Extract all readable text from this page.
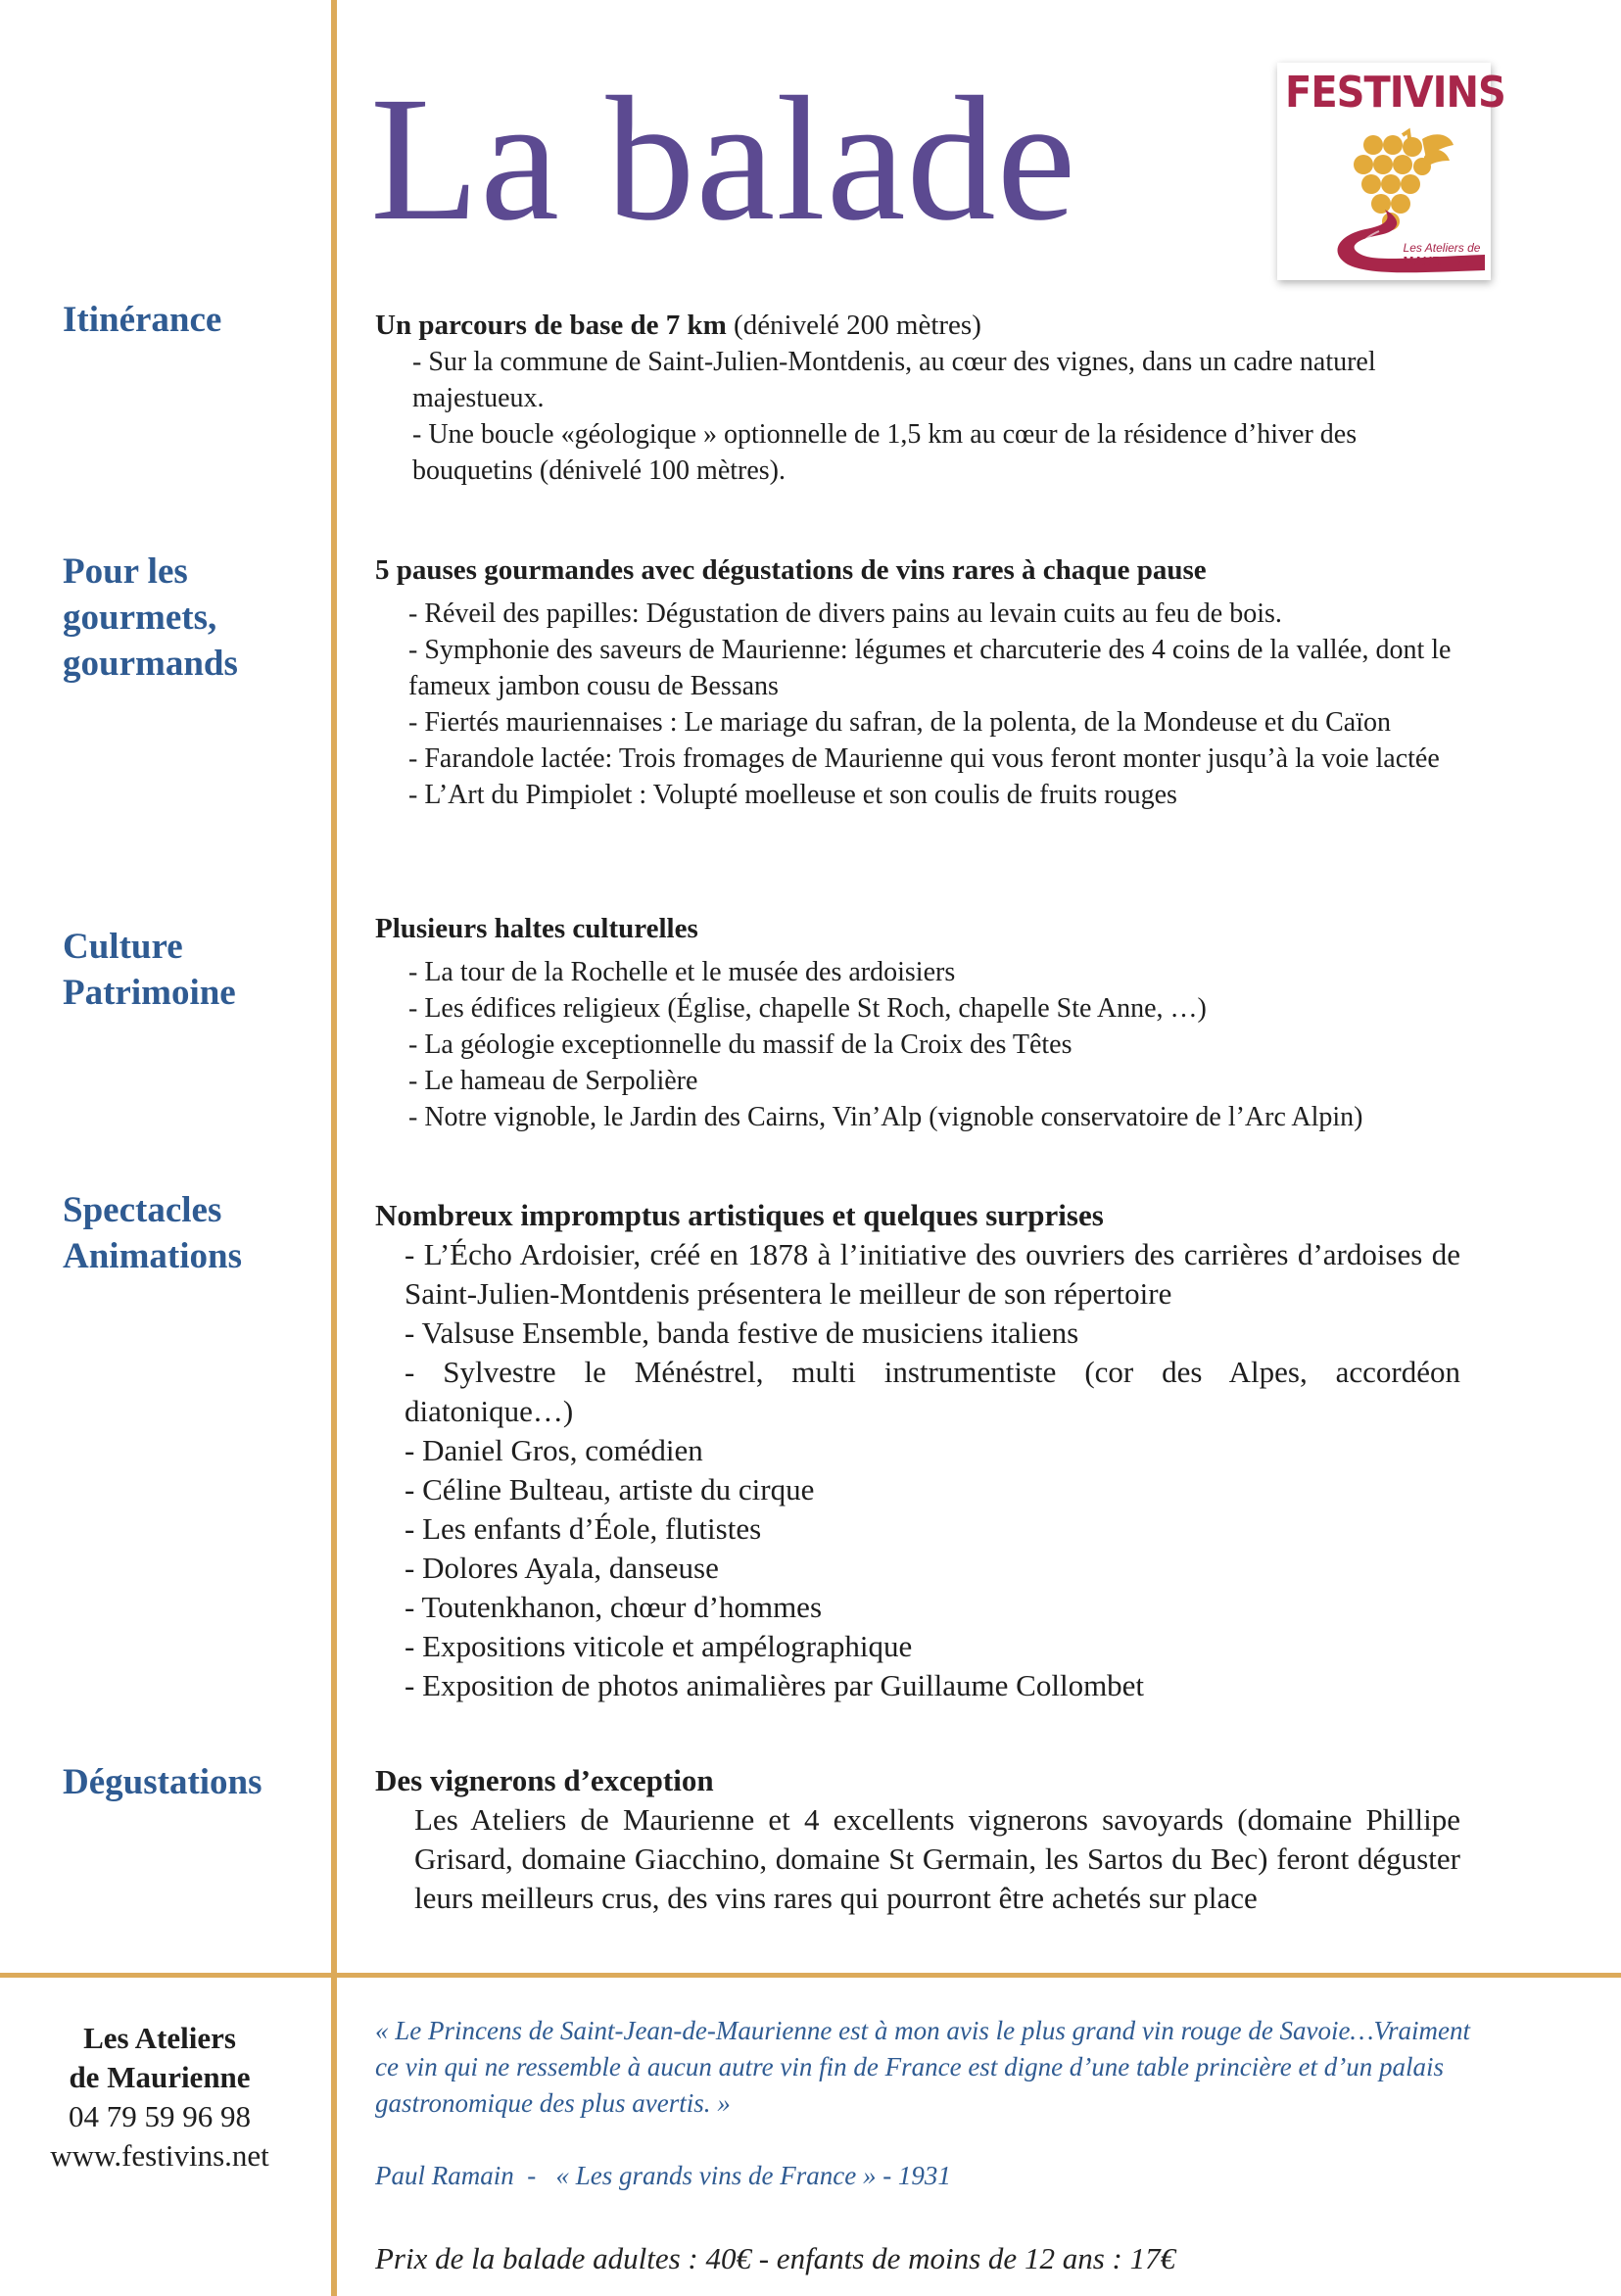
La balade	FESTIVINS
Les Ateliers de
MAURIENNE
Itinérance	Un parcours de base de 7 km (dénivelé 200 mètres)

- Sur la commune de Saint-Julien-Montdenis, au cœur des vignes, dans un cadre naturel majestueux.

- Une boucle «géologique » optionnelle de 1,5 km au cœur de la résidence d’hiver des bouquetins (dénivelé 100 mètres).

Pour les
gourmets,
gourmands
5 pauses gourmandes avec dégustations de vins rares à chaque pause

- Réveil des papilles: Dégustation de divers pains au levain cuits au feu de bois.

- Symphonie des saveurs de Maurienne: légumes et charcuterie des 4 coins de la vallée, dont le fameux jambon cousu de Bessans

- Fiertés mauriennaises : Le mariage du safran, de la polenta, de la Mondeuse et du Caïon

- Farandole lactée: Trois fromages de Maurienne qui vous feront monter jusqu’à la voie lactée

- L’Art du Pimpiolet : Volupté moelleuse et son coulis de fruits rouges

Culture
Patrimoine
Plusieurs haltes culturelles

- La tour de la Rochelle et le musée des ardoisiers

- Les édifices religieux (Église, chapelle St Roch, chapelle Ste Anne, …)

- La géologie exceptionnelle du massif de la Croix des Têtes

- Le hameau de Serpolière

- Notre vignoble, le Jardin des Cairns, Vin’Alp (vignoble conservatoire de l’Arc Alpin)

Spectacles
Animations
Nombreux impromptus artistiques et quelques surprises

- L’Écho Ardoisier, créé en 1878 à l’initiative des ouvriers des carrières d’ardoises de Saint-Julien-Montdenis présentera le meilleur de son répertoire

- Valsuse Ensemble, banda festive de musiciens italiens

- Sylvestre le Ménéstrel, multi instrumentiste (cor des Alpes, accordéon diatonique…)

- Daniel Gros, comédien

- Céline Bulteau, artiste du cirque

- Les enfants d’Éole, flutistes

- Dolores Ayala, danseuse

- Toutenkhanon, chœur d’hommes

- Expositions viticole et ampélographique

- Exposition de photos animalières par Guillaume Collombet

Dégustations	Des vignerons d’exception

Les Ateliers de Maurienne et 4 excellents vignerons savoyards (domaine Phillipe Grisard, domaine Giacchino, domaine St Germain, les Sartos du Bec) feront déguster leurs meilleurs crus, des vins rares qui pourront être achetés sur place

Les Ateliers
de Maurienne
04 79 59 96 98
www.festivins.net
« Le Princens de Saint-Jean-de-Maurienne est à mon avis le plus grand vin rouge de Savoie…Vraiment ce vin qui ne ressemble à aucun autre vin fin de France est digne d’une table princière et d’un palais gastronomique des plus avertis. »
Paul Ramain  -   « Les grands vins de France » - 1931
Prix de la balade adultes : 40€ - enfants de moins de 12 ans : 17€
